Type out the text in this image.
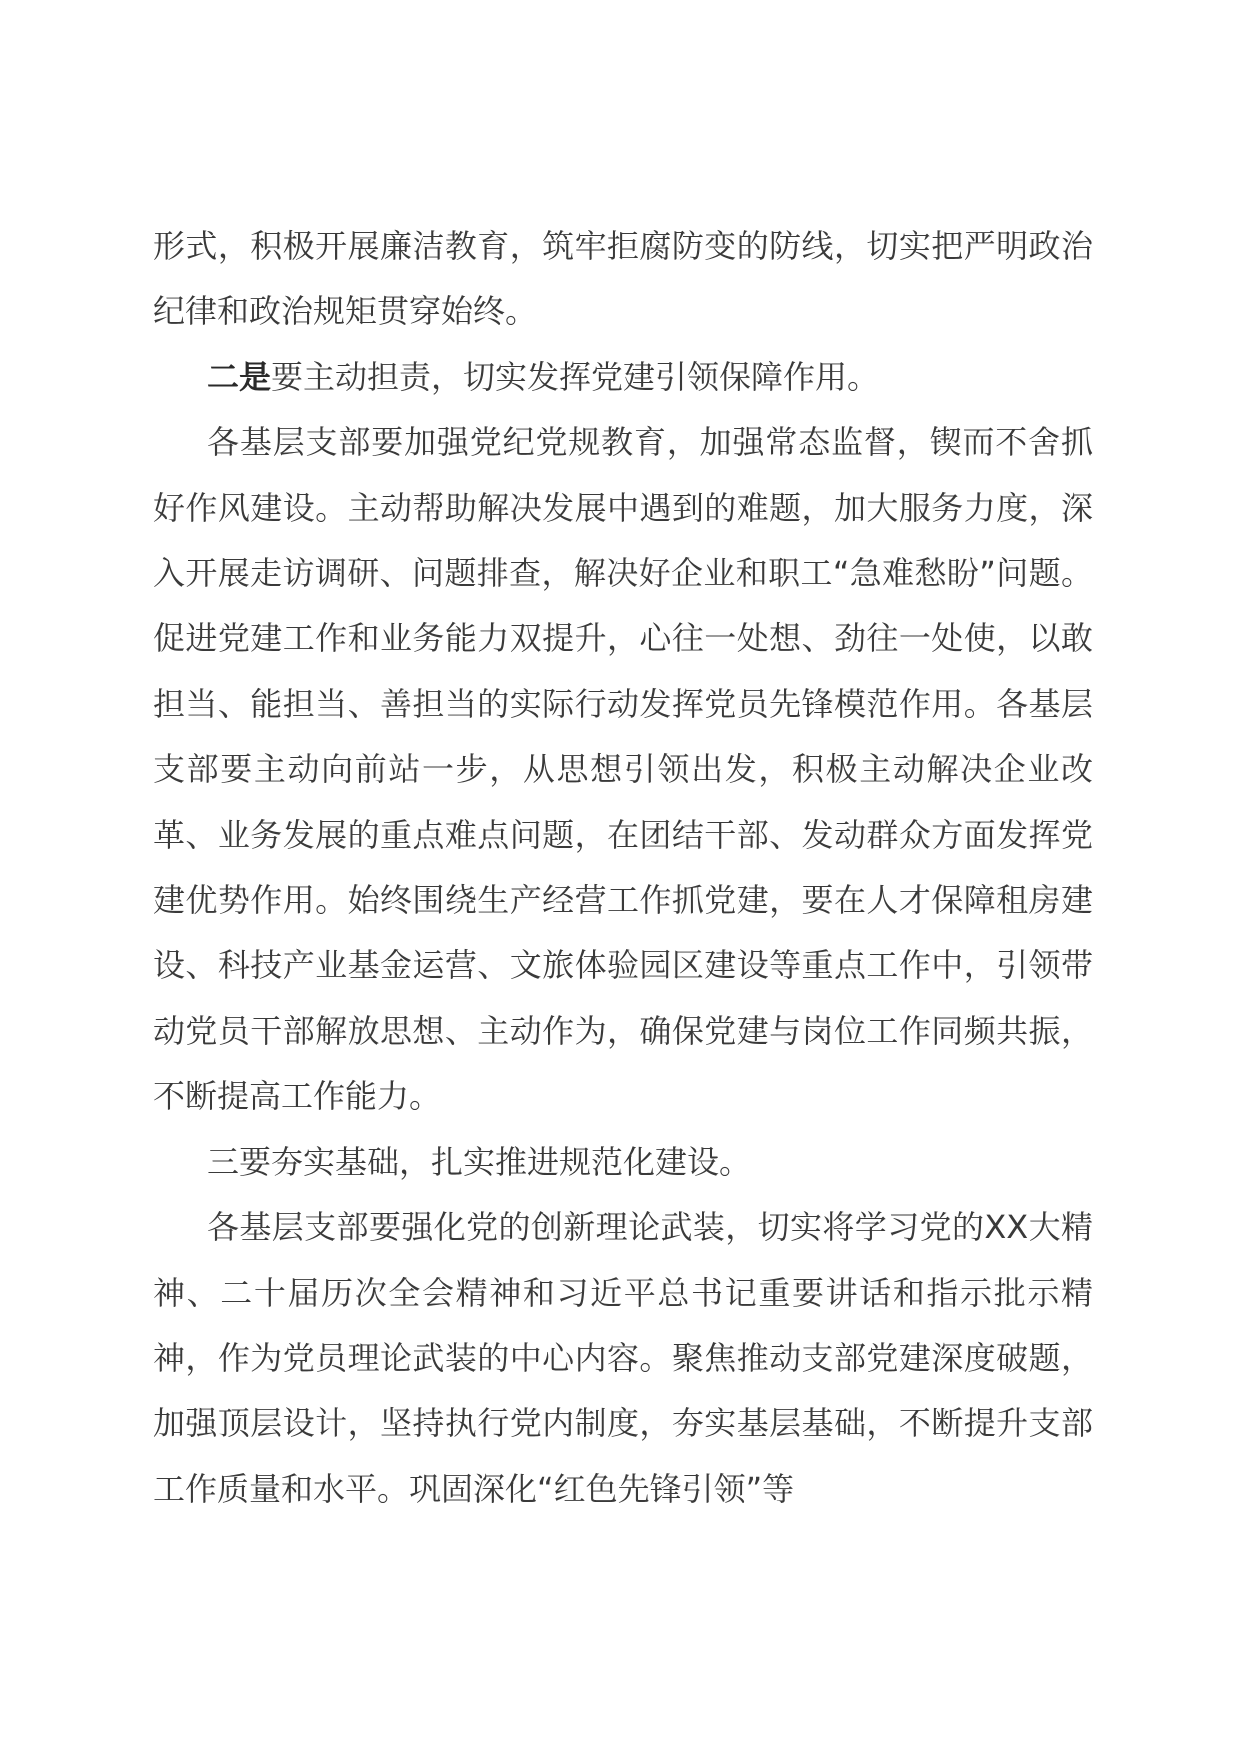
形式，积极开展廉洁教育，筑牢拒腐防变的防线，切实把严明政治纪律和政治规矩贯穿始终。

二是要主动担责，切实发挥党建引领保障作用。

各基层支部要加强党纪党规教育，加强常态监督，锲而不舍抓好作风建设。主动帮助解决发展中遇到的难题，加大服务力度，深入开展走访调研、问题排查，解决好企业和职工“急难愁盼”问题。促进党建工作和业务能力双提升，心往一处想、劲往一处使，以敢担当、能担当、善担当的实际行动发挥党员先锋模范作用。各基层支部要主动向前站一步，从思想引领出发，积极主动解决企业改革、业务发展的重点难点问题，在团结干部、发动群众方面发挥党建优势作用。始终围绕生产经营工作抓党建，要在人才保障租房建设、科技产业基金运营、文旅体验园区建设等重点工作中，引领带动党员干部解放思想、主动作为，确保党建与岗位工作同频共振，不断提高工作能力。

三要夯实基础，扎实推进规范化建设。

各基层支部要强化党的创新理论武装，切实将学习党的XX大精神、二十届历次全会精神和习近平总书记重要讲话和指示批示精神，作为党员理论武装的中心内容。聚焦推动支部党建深度破题，加强顶层设计，坚持执行党内制度，夯实基层基础，不断提升支部工作质量和水平。巩固深化“红色先锋引领”等
